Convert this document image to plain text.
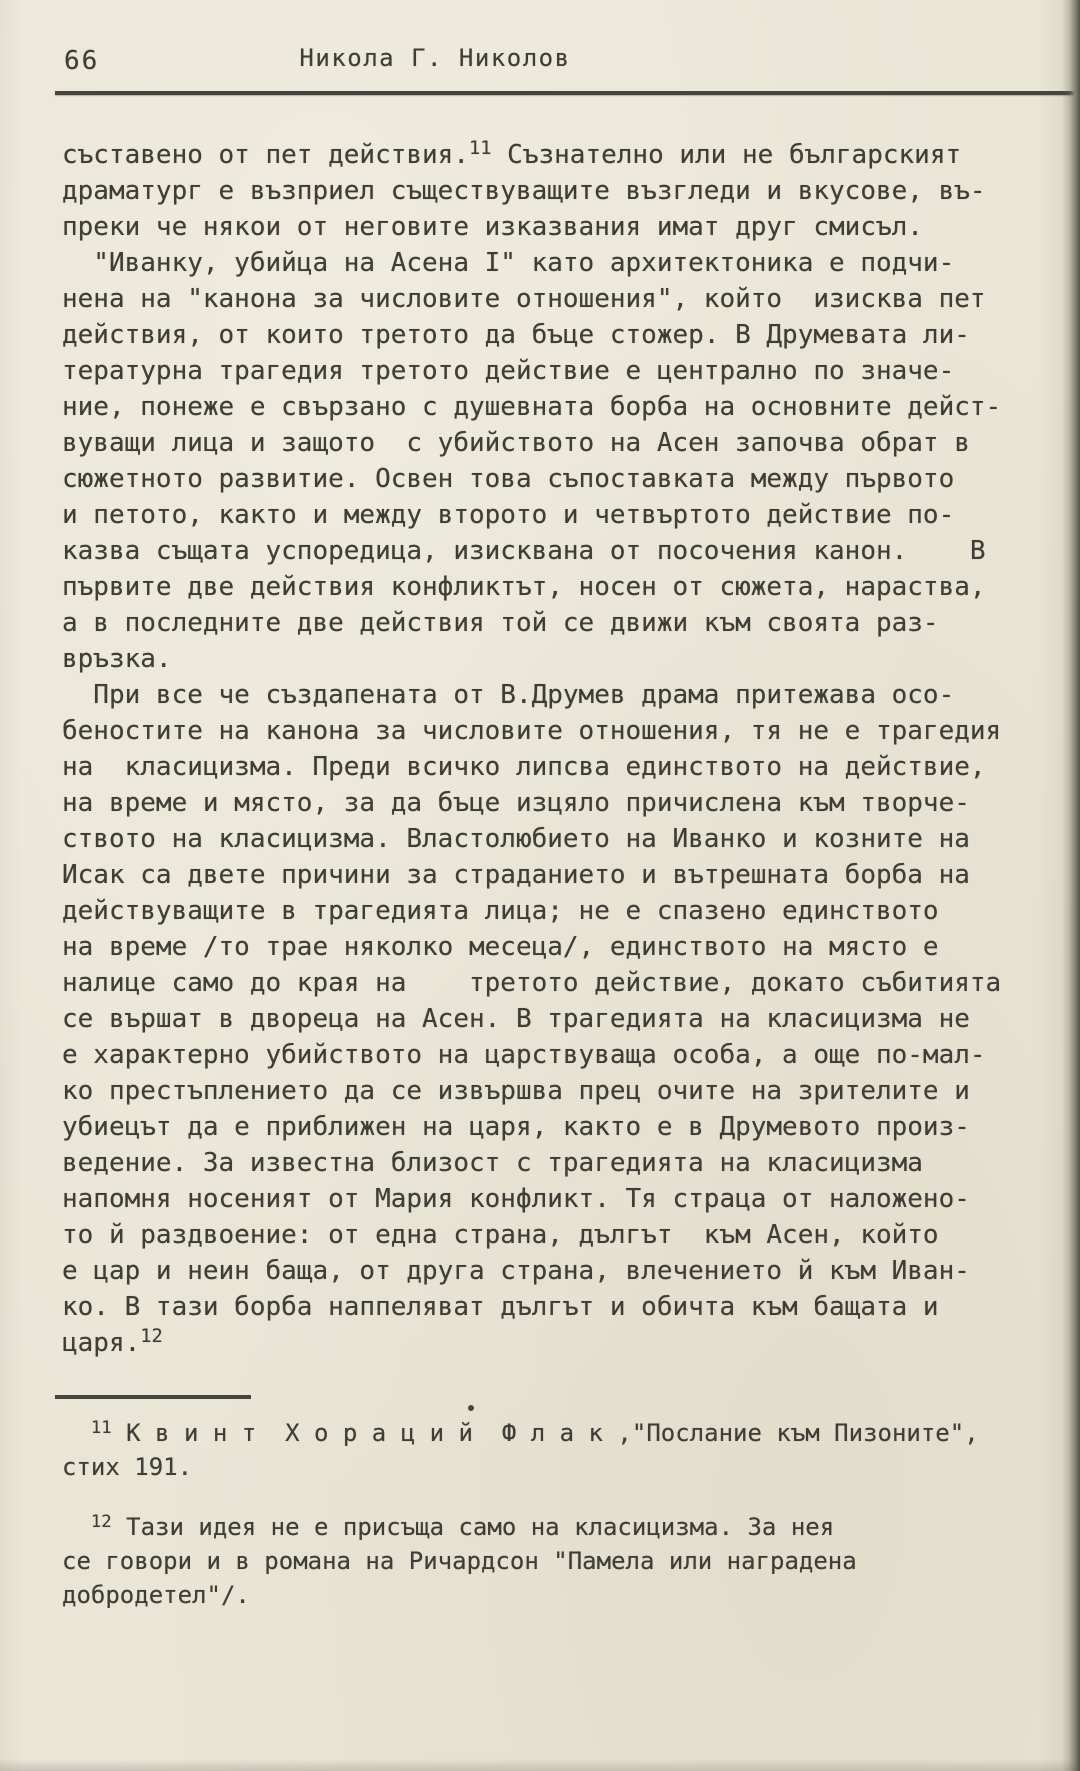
66	Никола Г. Николов
съставено от пет действия.$^{11}$ Съзнателно или не българският
драматург е възприел съществуващите възгледи и вкусове, въ-
преки че някои от неговите изказвания имат друг смисъл.
"Иванку, убийца на Асена I" като архитектоника е подчи-
нена на "канона за числовите отношения", който  изисква пет
действия, от които третото да бъце стожер. В Друмевата ли-
тературна трагедия третото действие е централно по значе-
ние, понеже е свързано с душевната борба на основните дейст-
вуващи лица и защото  с убийството на Асен започва обрат в
сюжетното развитие. Освен това съпоставката между първото
и петото, както и между второто и четвъртото действие по-
казва същата успоредица, изисквана от посочения канон.    В
първите две действия конфликтът, носен от сюжета, нараства,
а в последните две действия той се движи към своята раз-
връзка.
При все че създапената от В.Друмев драма притежава осо-
беностите на канона за числовите отношения, тя не е трагедия
на  класицизма. Преди всичко липсва единството на действие,
на време и място, за да бъце изцяло причислена към творче-
ството на класицизма. Властолюбието на Иванко и козните на
Исак са двете причини за страданието и вътрешната борба на
действуващите в трагедията лица; не е спазено единството
на време /то трае няколко месеца/, единството на място е
налице само до края на    третото действие, докато събитията
се вършат в двореца на Асен. В трагедията на класицизма не
е характерно убийството на царствуваща особа, а още по-мал-
ко престъплението да се извършва прец очите на зрителите и
убиецът да е приближен на царя, както е в Друмевото произ-
ведение. За известна близост с трагедията на класицизма
напомня носеният от Мария конфликт. Тя страца от наложено-
то й раздвоение: от една страна, дългът  към Асен, който
е цар и неин баща, от друга страна, влечението й към Иван-
ко. В тази борба наппеляват дългът и обичта към бащата и
царя.$^{12}$
$^{11}$ К в и н т  Х о р а ц и й  Ф л а к ,"Послание към Пизоните",
стих 191.
$^{12}$ Тази идея не е присъща само на класицизма. За нея
се говори и в романа на Ричардсон "Памела или наградена
добродетел"/.
